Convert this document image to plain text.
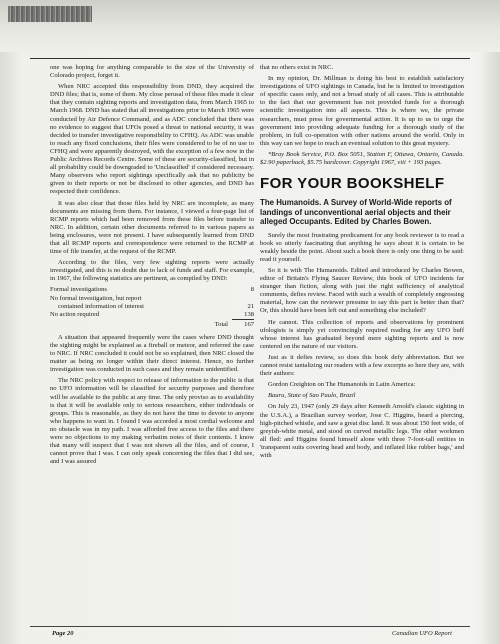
one was hoping for anything comparable to the size of the University of Colorado project, forget it.

When NRC accepted this responsibility from DND, they acquired the DND files; that is, some of them. My close perusal of these files made it clear that they contain sighting reports and investigation data, from March 1965 to March 1968. DND has stated that all investigations prior to March 1965 were conducted by Air Defence Command, and as ADC concluded that there was no evidence to suggest that UFOs posed a threat to national security, it was decided to transfer investigative responsibility to CFHQ. As ADC was unable to reach any fixed conclusions, their files were considered to be of no use to CFHQ and were apparently destroyed, with the exception of a few now in the Public Archives Records Centre. Some of these are security-classified, but in all probability could be downgraded to 'Unclassified' if considered necessary. Many observers who report sightings specifically ask that no publicity be given to their reports or not be disclosed to other agencies, and DND has respected their confidence.

It was also clear that those files held by NRC are incomplete, as many documents are missing from them. For instance, I viewed a four-page list of RCMP reports which had been removed from these files before transfer to NRC. In addition, certain other documents referred to in various papers as being enclosures, were not present. I have subsequently learned from DND that all RCMP reports and correspondence were returned to the RCMP at time of file transfer, at the request of the RCMP.

According to the files, very few sighting reports were actually investigated, and this is no doubt due to lack of funds and staff. For example, in 1967, the following statistics are pertinent, as compiled by DND:

Formal investigations	8
No formal investigation, but report
contained information of interest	21
No action required	138
Total	167

A situation that appeared frequently were the cases where DND thought the sighting might be explained as a fireball or meteor, and referred the case to NRC. If NRC concluded it could not be so explained, then NRC closed the matter as being no longer within their direct interest. Hence, no further investigation was conducted in such cases and they remain unidentified.

The NRC policy with respect to release of information to the public is that no UFO information will be classified for security purposes and therefore will be available to the public at any time. The only proviso as to availability is that it will be available only to serious researchers, either individuals or groups. This is reasonable, as they do not have the time to devote to anyone who happens to want in. I found I was accorded a most cordial welcome and no obstacle was in my path. I was afforded free access to the files and there were no objections to my making verbatim notes of their contents. I know that many will suspect that I was not shown all the files, and of course, I cannot prove that I was. I can only speak concerning the files that I did see, and I was assured

that no others exist in NRC.

In my opinion, Dr. Millman is doing his best to establish satisfactory investigations of UFO sightings in Canada, but he is limited to investigation of specific cases only, and not a broad study of all cases. This is attributable to the fact that our government has not provided funds for a thorough scientific investigation into all aspects. This is where we, the private researchers, must press for governmental action. It is up to us to urge the government into providing adequate funding for a thorough study of the problem, in full co-operation with other nations around the world. Only in this way can we hope to reach an eventual solution to this great mystery.

*Bray Book Service, P.O. Box 5051, Station F, Ottawa, Ontario, Canada. $2.90 paperback, $5.75 hardcover. Copyright 1967, viii + 193 pages.

FOR YOUR BOOKSHELF
The Humanoids. A Survey of World-Wide reports of landings of unconventional aerial objects and their alleged Occupants. Edited by Charles Bowen.

Surely the most frustrating predicament for any book reviewer is to read a book so utterly fascinating that anything he says about it is certain to be weakly beside the point. About such a book there is only one thing to be said: read it yourself.

So it is with The Humanoids. Edited and introduced by Charles Bowen, editor of Britain's Flying Saucer Review, this book of UFO incidents far stranger than fiction, along with just the right sufficiency of analytical comments, defies review. Faced with such a wealth of completely engrossing material, how can the reviewer presume to say this part is better than that? Or, this should have been left out and something else included?

He cannot. This collection of reports and observations by prominent ufologists is simply yet convincingly required reading for any UFO buff whose interest has graduated beyond mere sighting reports and is now centered on the nature of our visitors.

Just as it defies review, so does this book defy abbreviation. But we cannot resist tantalizing our readers with a few excerpts so here they are, with their authors:

Gordon Creighton on The Humanoids in Latin America:

Bauru, State of Sao Paulo, Brazil

On July 23, 1947 (only 29 days after Kenneth Arnold's classic sighting in the U.S.A.), a Brazilian survey worker, Jose C. Higgins, heard a piercing, high-pitched whistle, and saw a great disc land. It was about 150 feet wide, of greyish-white metal, and stood on curved metallic legs. The other workmen all fled: and Higgins found himself alone with three 7-foot-tall entities in 'transparent suits covering head and body, and inflated like rubber bags,' and with

Page 20	Canadian UFO Report
